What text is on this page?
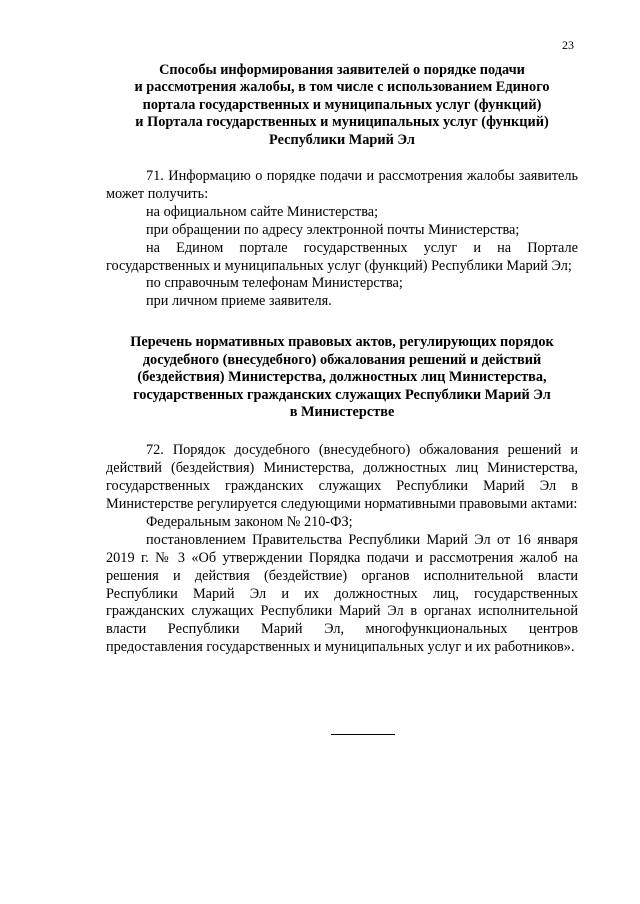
23
Способы информирования заявителей о порядке подачи
и рассмотрения жалобы, в том числе с использованием Единого
портала государственных и муниципальных услуг (функций)
и Портала государственных и муниципальных услуг (функций)
Республики Марий Эл

71. Информацию о порядке подачи и рассмотрения жалобы заявитель может получить:

на официальном сайте Министерства;

при обращении по адресу электронной почты Министерства;

на Едином портале государственных услуг и на Портале государственных и муниципальных услуг (функций) Республики Марий Эл;

по справочным телефонам Министерства;

при личном приеме заявителя.

Перечень нормативных правовых актов, регулирующих порядок
досудебного (внесудебного) обжалования решений и действий
(бездействия) Министерства, должностных лиц Министерства,
государственных гражданских служащих Республики Марий Эл
в Министерстве

72. Порядок досудебного (внесудебного) обжалования решений и действий (бездействия) Министерства, должностных лиц Министерства, государственных гражданских служащих Республики Марий Эл в Министерстве регулируется следующими нормативными правовыми актами:

Федеральным законом № 210-ФЗ;

постановлением Правительства Республики Марий Эл от 16 января 2019 г. № 3 «Об утверждении Порядка подачи и рассмотрения жалоб на решения и действия (бездействие) органов исполнительной власти Республики Марий Эл и их должностных лиц, государственных гражданских служащих Республики Марий Эл в органах исполнительной власти Республики Марий Эл, многофункциональных центров предоставления государственных и муниципальных услуг и их работников».
